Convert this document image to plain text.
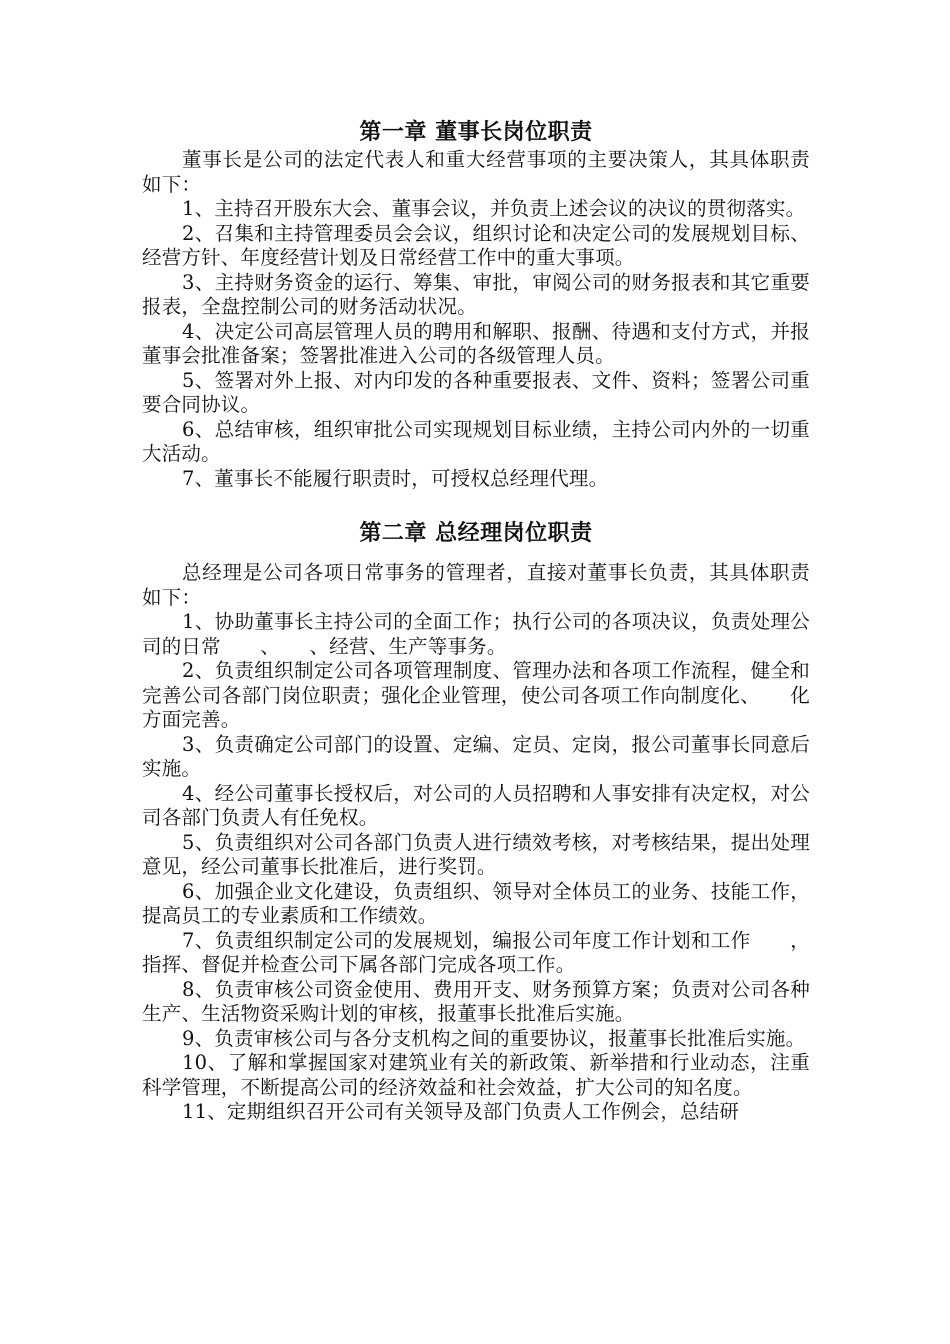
第一章 董事长岗位职责

董事长是公司的法定代表人和重大经营事项的主要决策人，其具体职责如下：

1、主持召开股东大会、董事会议，并负责上述会议的决议的贯彻落实。

2、召集和主持管理委员会会议，组织讨论和决定公司的发展规划目标、经营方针、年度经营计划及日常经营工作中的重大事项。

3、主持财务资金的运行、筹集、审批，审阅公司的财务报表和其它重要报表，全盘控制公司的财务活动状况。

4、决定公司高层管理人员的聘用和解职、报酬、待遇和支付方式，并报董事会批准备案；签署批准进入公司的各级管理人员。

5、签署对外上报、对内印发的各种重要报表、文件、资料；签署公司重要合同协议。

6、总结审核，组织审批公司实现规划目标业绩，主持公司内外的一切重大活动。

7、董事长不能履行职责时，可授权总经理代理。

第二章 总经理岗位职责

总经理是公司各项日常事务的管理者，直接对董事长负责，其具体职责如下：

1、协助董事长主持公司的全面工作；执行公司的各项决议，负责处理公司的日常　　、　　、经营、生产等事务。

2、负责组织制定公司各项管理制度、管理办法和各项工作流程，健全和完善公司各部门岗位职责；强化企业管理，使公司各项工作向制度化、　　化方面完善。

3、负责确定公司部门的设置、定编、定员、定岗，报公司董事长同意后实施。

4、经公司董事长授权后，对公司的人员招聘和人事安排有决定权，对公司各部门负责人有任免权。

5、负责组织对公司各部门负责人进行绩效考核，对考核结果，提出处理意见，经公司董事长批准后，进行奖罚。

6、加强企业文化建设，负责组织、领导对全体员工的业务、技能工作，提高员工的专业素质和工作绩效。

7、负责组织制定公司的发展规划，编报公司年度工作计划和工作　　，指挥、督促并检查公司下属各部门完成各项工作。

8、负责审核公司资金使用、费用开支、财务预算方案；负责对公司各种生产、生活物资采购计划的审核，报董事长批准后实施。

9、负责审核公司与各分支机构之间的重要协议，报董事长批准后实施。

10、了解和掌握国家对建筑业有关的新政策、新举措和行业动态，注重科学管理，不断提高公司的经济效益和社会效益，扩大公司的知名度。

11、定期组织召开公司有关领导及部门负责人工作例会，总结研
